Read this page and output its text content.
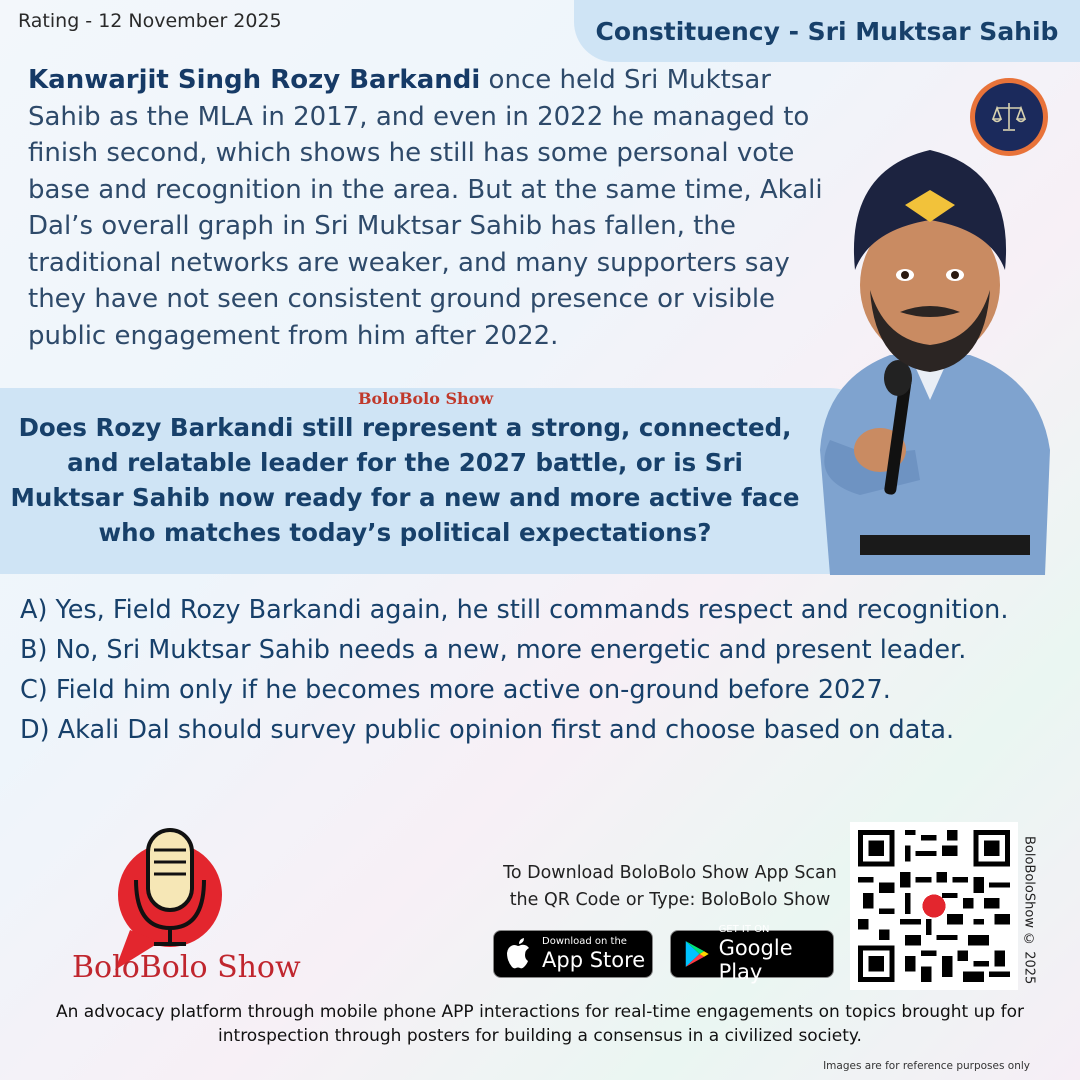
Rating - 12 November 2025	Constituency - Sri Muktsar Sahib
Kanwarjit Singh Rozy Barkandi once held Sri Muktsar Sahib as the MLA in 2017, and even in 2022 he managed to finish second, which shows he still has some personal vote base and recognition in the area. But at the same time, Akali Dal’s overall graph in Sri Muktsar Sahib has fallen, the traditional networks are weaker, and many supporters say they have not seen consistent ground presence or visible public engagement from him after 2022.
BoloBolo Show
Does Rozy Barkandi still represent a strong, connected, and relatable leader for the 2027 battle, or is Sri Muktsar Sahib now ready for a new and more active face who matches today’s political expectations?
A) Yes, Field Rozy Barkandi again, he still commands respect and recognition.
B) No, Sri Muktsar Sahib needs a new, more energetic and present leader.
C) Field him only if he becomes more active on-ground before 2027.
D) Akali Dal should survey public opinion first and choose based on data.
BoloBolo Show
To Download BoloBolo Show App Scan
the QR Code or Type: BoloBolo Show
Download on the
App Store
GET IT ON
Google Play	BoloBoloShow © 2025
An advocacy platform through mobile phone APP interactions for real-time engagements on topics brought up for introspection through posters for building a consensus in a civilized society.
Images are for reference purposes only
